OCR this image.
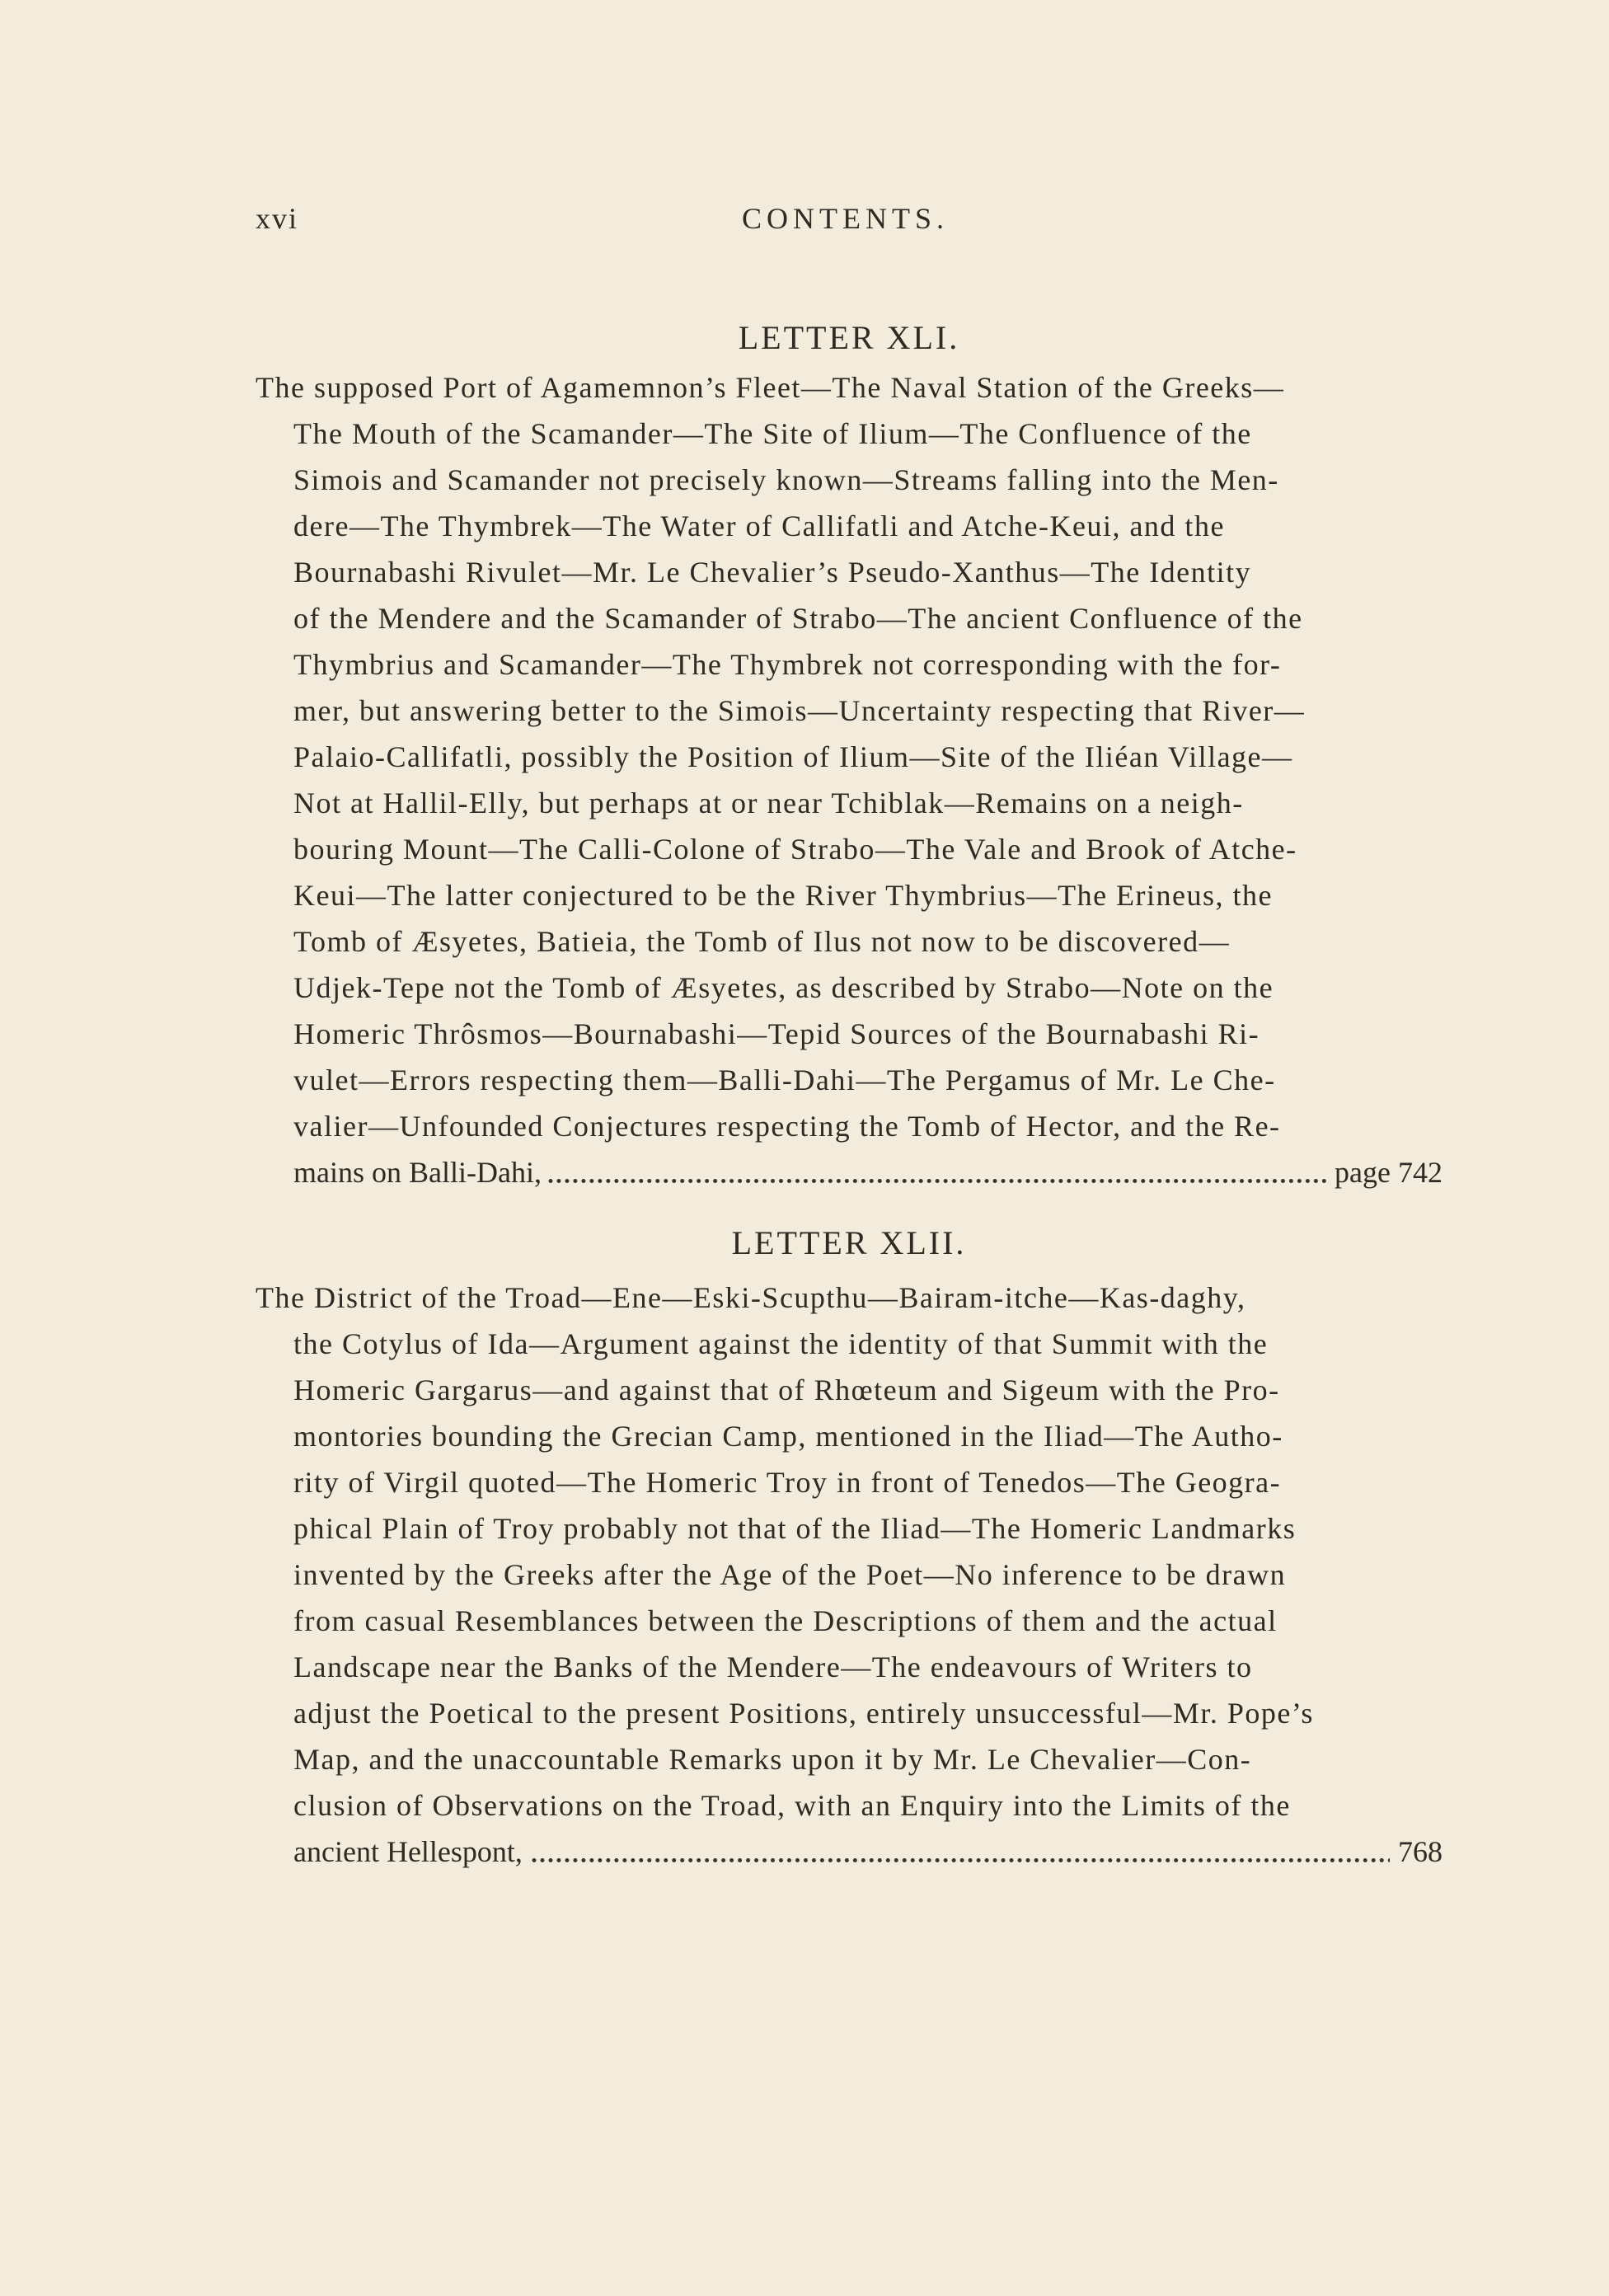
xvi	CONTENTS.
LETTER XLI.
The supposed Port of Agamemnon’s Fleet—The Naval Station of the Greeks—
The Mouth of the Scamander—The Site of Ilium—The Confluence of the
Simois and Scamander not precisely known—Streams falling into the Men-
dere—The Thymbrek—The Water of Callifatli and Atche-Keui, and the
Bournabashi Rivulet—Mr. Le Chevalier’s Pseudo-Xanthus—The Identity
of the Mendere and the Scamander of Strabo—The ancient Confluence of the
Thymbrius and Scamander—The Thymbrek not corresponding with the for-
mer, but answering better to the Simois—Uncertainty respecting that River—
Palaio-Callifatli, possibly the Position of Ilium—Site of the Iliéan Village—
Not at Hallil-Elly, but perhaps at or near Tchiblak—Remains on a neigh-
bouring Mount—The Calli-Colone of Strabo—The Vale and Brook of Atche-
Keui—The latter conjectured to be the River Thymbrius—The Erineus, the
Tomb of Æsyetes, Batieia, the Tomb of Ilus not now to be discovered—
Udjek-Tepe not the Tomb of Æsyetes, as described by Strabo—Note on the
Homeric Thrôsmos—Bournabashi—Tepid Sources of the Bournabashi Ri-
vulet—Errors respecting them—Balli-Dahi—The Pergamus of Mr. Le Che-
valier—Unfounded Conjectures respecting the Tomb of Hector, and the Re-
mains on Balli-Dahi,	page 742
LETTER XLII.
The District of the Troad—Ene—Eski-Scupthu—Bairam-itche—Kas-daghy,
the Cotylus of Ida—Argument against the identity of that Summit with the
Homeric Gargarus—and against that of Rhœteum and Sigeum with the Pro-
montories bounding the Grecian Camp, mentioned in the Iliad—The Autho-
rity of Virgil quoted—The Homeric Troy in front of Tenedos—The Geogra-
phical Plain of Troy probably not that of the Iliad—The Homeric Landmarks
invented by the Greeks after the Age of the Poet—No inference to be drawn
from casual Resemblances between the Descriptions of them and the actual
Landscape near the Banks of the Mendere—The endeavours of Writers to
adjust the Poetical to the present Positions, entirely unsuccessful—Mr. Pope’s
Map, and the unaccountable Remarks upon it by Mr. Le Chevalier—Con-
clusion of Observations on the Troad, with an Enquiry into the Limits of the
ancient Hellespont,	768
